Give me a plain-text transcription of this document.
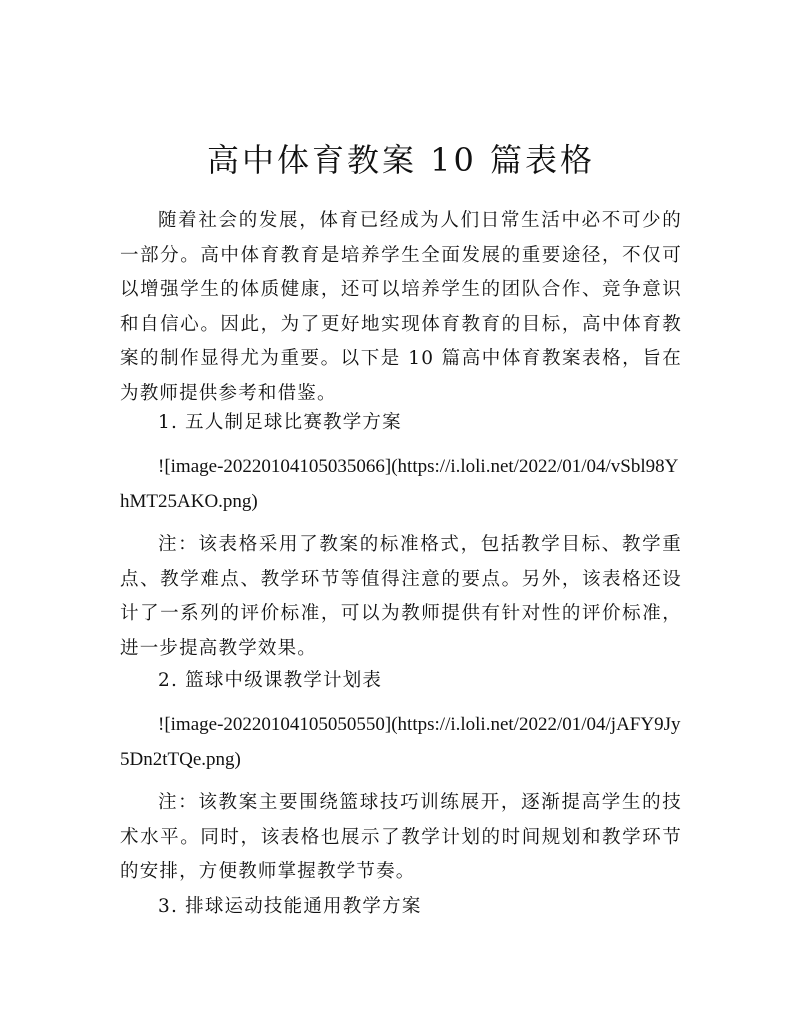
高中体育教案 10 篇表格

随着社会的发展，体育已经成为人们日常生活中必不可少的一部分。高中体育教育是培养学生全面发展的重要途径，不仅可以增强学生的体质健康，还可以培养学生的团队合作、竞争意识和自信心。因此，为了更好地实现体育教育的目标，高中体育教案的制作显得尤为重要。以下是 10 篇高中体育教案表格，旨在为教师提供参考和借鉴。

1. 五人制足球比赛教学方案

![image-20220104105035066](https://i.loli.net/2022/01/04/vSbl98YhMT25AKO.png)

注：该表格采用了教案的标准格式，包括教学目标、教学重点、教学难点、教学环节等值得注意的要点。另外，该表格还设计了一系列的评价标准，可以为教师提供有针对性的评价标准，进一步提高教学效果。

2. 篮球中级课教学计划表

![image-20220104105050550](https://i.loli.net/2022/01/04/jAFY9Jy5Dn2tTQe.png)

注：该教案主要围绕篮球技巧训练展开，逐渐提高学生的技术水平。同时，该表格也展示了教学计划的时间规划和教学环节的安排，方便教师掌握教学节奏。

3. 排球运动技能通用教学方案
